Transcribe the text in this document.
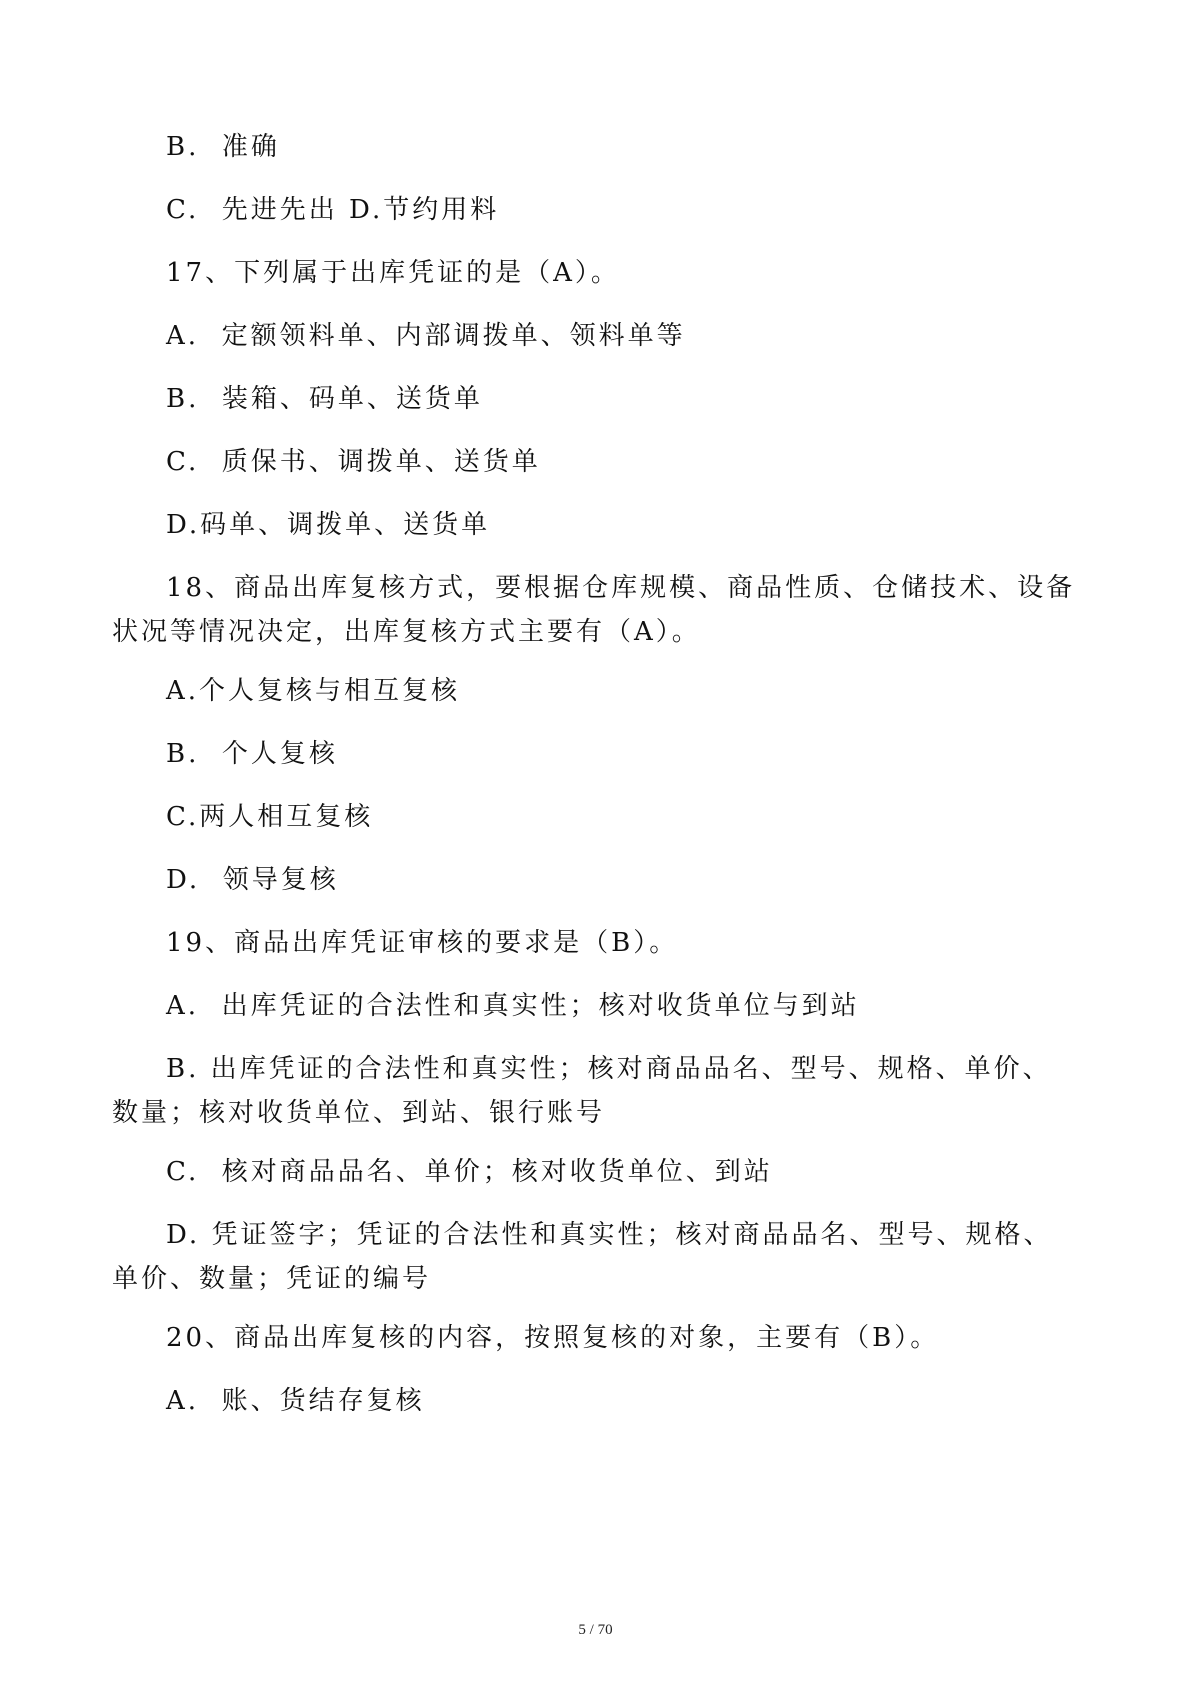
B.  准确
C.  先进先出 D.节约用料
17、下列属于出库凭证的是（A）。
A.  定额领料单、内部调拨单、领料单等
B.  装箱、码单、送货单
C.  质保书、调拨单、送货单
D.码单、调拨单、送货单

18、商品出库复核方式，要根据仓库规模、商品性质、仓储技术、设备状况等情况决定，出库复核方式主要有（A）。

A.个人复核与相互复核
B.  个人复核
C.两人相互复核
D.  领导复核
19、商品出库凭证审核的要求是（B）。
A.  出库凭证的合法性和真实性；核对收货单位与到站

B. 出库凭证的合法性和真实性；核对商品品名、型号、规格、单价、数量；核对收货单位、到站、银行账号

C.  核对商品品名、单价；核对收货单位、到站

D. 凭证签字；凭证的合法性和真实性；核对商品品名、型号、规格、单价、数量；凭证的编号

20、商品出库复核的内容，按照复核的对象，主要有（B）。
A.  账、货结存复核
5 / 70
